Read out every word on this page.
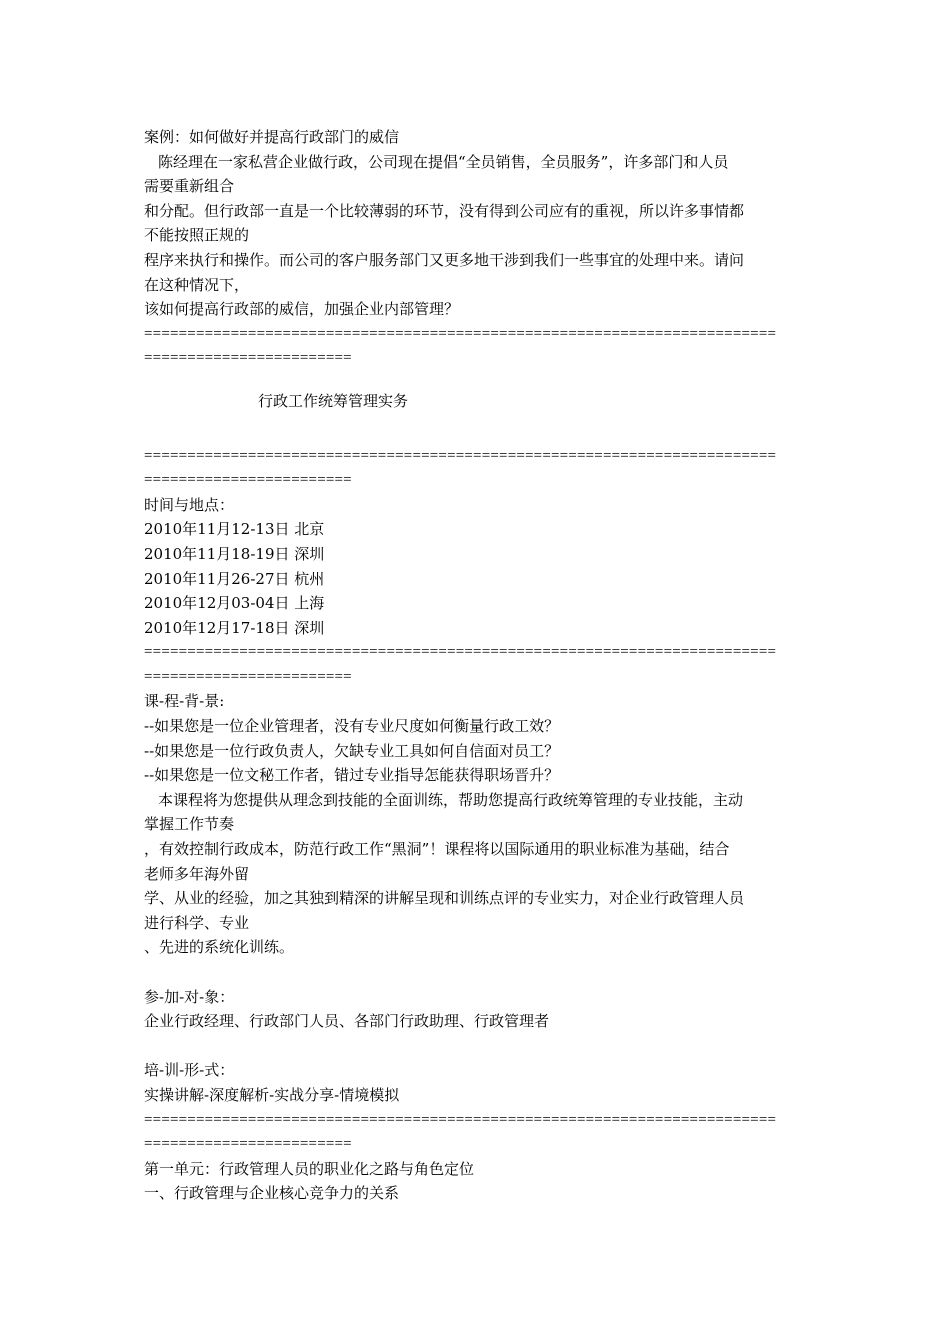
案例：如何做好并提高行政部门的威信
陈经理在一家私营企业做行政，公司现在提倡“全员销售，全员服务”，许多部门和人员
需要重新组合
和分配。但行政部一直是一个比较薄弱的环节，没有得到公司应有的重视，所以许多事情都
不能按照正规的
程序来执行和操作。而公司的客户服务部门又更多地干涉到我们一些事宜的处理中来。请问
在这种情况下，
该如何提高行政部的威信，加强企业内部管理？
=========================================================================
========================
行政工作统筹管理实务
=========================================================================
========================
时间与地点：
2010年11月12-13日 北京
2010年11月18-19日 深圳
2010年11月26-27日 杭州
2010年12月03-04日 上海
2010年12月17-18日 深圳
=========================================================================
========================
课-程-背-景:
--如果您是一位企业管理者，没有专业尺度如何衡量行政工效？
--如果您是一位行政负责人，欠缺专业工具如何自信面对员工？
--如果您是一位文秘工作者，错过专业指导怎能获得职场晋升？
本课程将为您提供从理念到技能的全面训练，帮助您提高行政统筹管理的专业技能，主动
掌握工作节奏
，有效控制行政成本，防范行政工作“黑洞”！课程将以国际通用的职业标准为基础，结合
老师多年海外留
学、从业的经验，加之其独到精深的讲解呈现和训练点评的专业实力，对企业行政管理人员
进行科学、专业
、先进的系统化训练。
参-加-对-象：
企业行政经理、行政部门人员、各部门行政助理、行政管理者
培-训-形-式：
实操讲解-深度解析-实战分享-情境模拟
=========================================================================
========================
第一单元：行政管理人员的职业化之路与角色定位
一、行政管理与企业核心竞争力的关系
